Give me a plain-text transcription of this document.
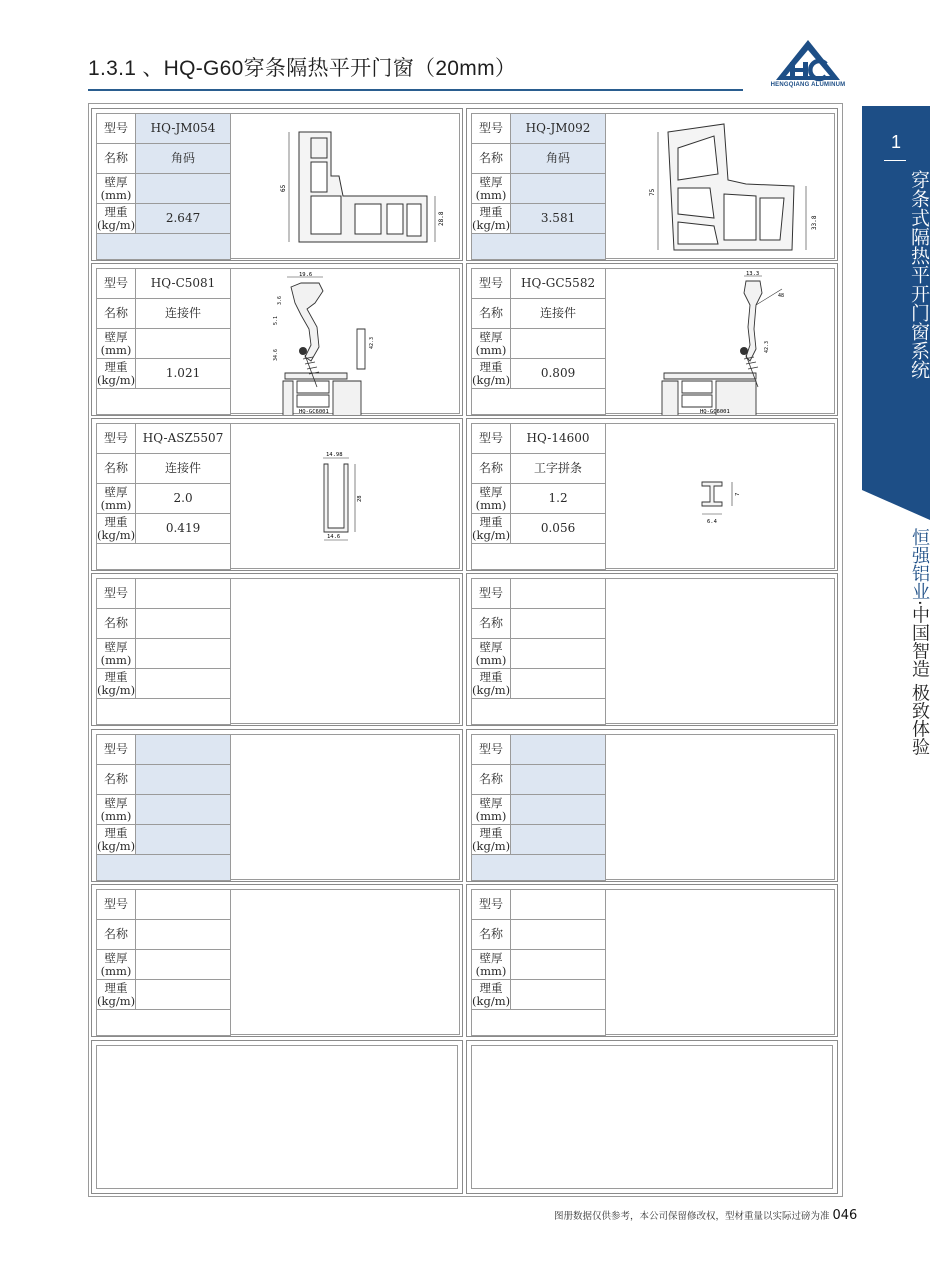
1.3.1 、HQ-G60穿条隔热平开门窗（20mm）
HENGQIANG ALUMINUM
1
穿条式隔热平开门窗系统
恒强铝业·中国智造 极致体验
型号	HQ-JM054
名称	角码
壁厚
(mm)	
理重
(kg/m)	2.647

65
28.8
型号	HQ-JM092
名称	角码
壁厚
(mm)	
理重
(kg/m)	3.581

75
33.8
型号	HQ-C5081
名称	连接件
壁厚
(mm)	
理重
(kg/m)	1.021

19.6
3.6
5.1
34.6
42.3
HQ-GC6001
型号	HQ-GC5582
名称	连接件
壁厚
(mm)	
理重
(kg/m)	0.809

13.3
48
42.3
HQ-GC6001
型号	HQ-ASZ5507
名称	连接件
壁厚
(mm)	2.0
理重
(kg/m)	0.419

14.98
28
14.6
型号	HQ-14600
名称	工字拼条
壁厚
(mm)	1.2
理重
(kg/m)	0.056

7
6.4
型号	
名称	
壁厚
(mm)	
理重
(kg/m)	

型号	
名称	
壁厚
(mm)	
理重
(kg/m)	

型号	
名称	
壁厚
(mm)	
理重
(kg/m)	

型号	
名称	
壁厚
(mm)	
理重
(kg/m)	

型号	
名称	
壁厚
(mm)	
理重
(kg/m)	

型号	
名称	
壁厚
(mm)	
理重
(kg/m)	

图册数据仅供参考，本公司保留修改权，型材重量以实际过磅为准 046
